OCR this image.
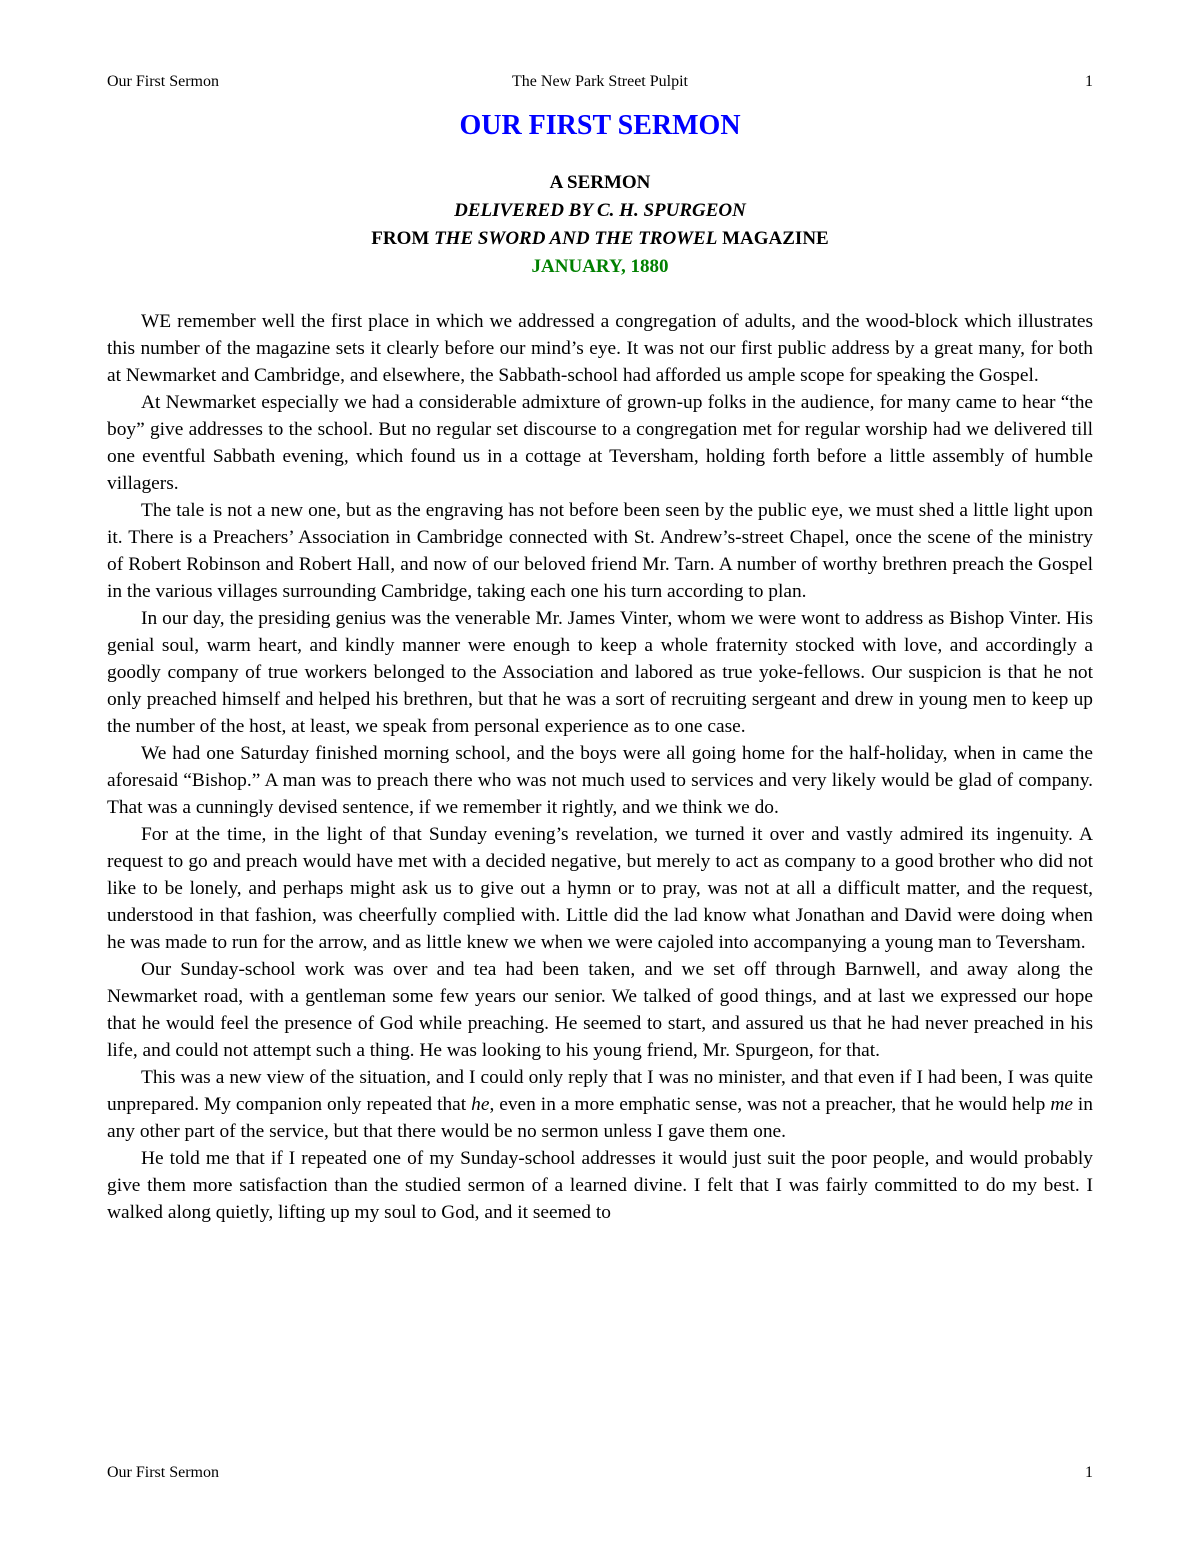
Our First Sermon	The New Park Street Pulpit	1
OUR FIRST SERMON
A SERMON
DELIVERED BY C. H. SPURGEON
FROM THE SWORD AND THE TROWEL MAGAZINE
JANUARY, 1880

WE remember well the first place in which we addressed a congregation of adults, and the wood-block which illustrates this number of the magazine sets it clearly before our mind’s eye. It was not our first public address by a great many, for both at Newmarket and Cambridge, and elsewhere, the Sabbath-school had afforded us ample scope for speaking the Gospel.

At Newmarket especially we had a considerable admixture of grown-up folks in the audience, for many came to hear “the boy” give addresses to the school. But no regular set discourse to a congregation met for regular worship had we delivered till one eventful Sabbath evening, which found us in a cottage at Teversham, holding forth before a little assembly of humble villagers.

The tale is not a new one, but as the engraving has not before been seen by the public eye, we must shed a little light upon it. There is a Preachers’ Association in Cambridge connected with St. Andrew’s-street Chapel, once the scene of the ministry of Robert Robinson and Robert Hall, and now of our beloved friend Mr. Tarn. A number of worthy brethren preach the Gospel in the various villages surrounding Cambridge, taking each one his turn according to plan.

In our day, the presiding genius was the venerable Mr. James Vinter, whom we were wont to address as Bishop Vinter. His genial soul, warm heart, and kindly manner were enough to keep a whole fraternity stocked with love, and accordingly a goodly company of true workers belonged to the Association and labored as true yoke-fellows. Our suspicion is that he not only preached himself and helped his brethren, but that he was a sort of recruiting sergeant and drew in young men to keep up the number of the host, at least, we speak from personal experience as to one case.

We had one Saturday finished morning school, and the boys were all going home for the half-holiday, when in came the aforesaid “Bishop.” A man was to preach there who was not much used to services and very likely would be glad of company. That was a cunningly devised sentence, if we remember it rightly, and we think we do.

For at the time, in the light of that Sunday evening’s revelation, we turned it over and vastly admired its ingenuity. A request to go and preach would have met with a decided negative, but merely to act as company to a good brother who did not like to be lonely, and perhaps might ask us to give out a hymn or to pray, was not at all a difficult matter, and the request, understood in that fashion, was cheerfully complied with. Little did the lad know what Jonathan and David were doing when he was made to run for the arrow, and as little knew we when we were cajoled into accompanying a young man to Teversham.

Our Sunday-school work was over and tea had been taken, and we set off through Barnwell, and away along the Newmarket road, with a gentleman some few years our senior. We talked of good things, and at last we expressed our hope that he would feel the presence of God while preaching. He seemed to start, and assured us that he had never preached in his life, and could not attempt such a thing. He was looking to his young friend, Mr. Spurgeon, for that.

This was a new view of the situation, and I could only reply that I was no minister, and that even if I had been, I was quite unprepared. My companion only repeated that he, even in a more emphatic sense, was not a preacher, that he would help me in any other part of the service, but that there would be no sermon unless I gave them one.

He told me that if I repeated one of my Sunday-school addresses it would just suit the poor people, and would probably give them more satisfaction than the studied sermon of a learned divine. I felt that I was fairly committed to do my best. I walked along quietly, lifting up my soul to God, and it seemed to

Our First Sermon	1
